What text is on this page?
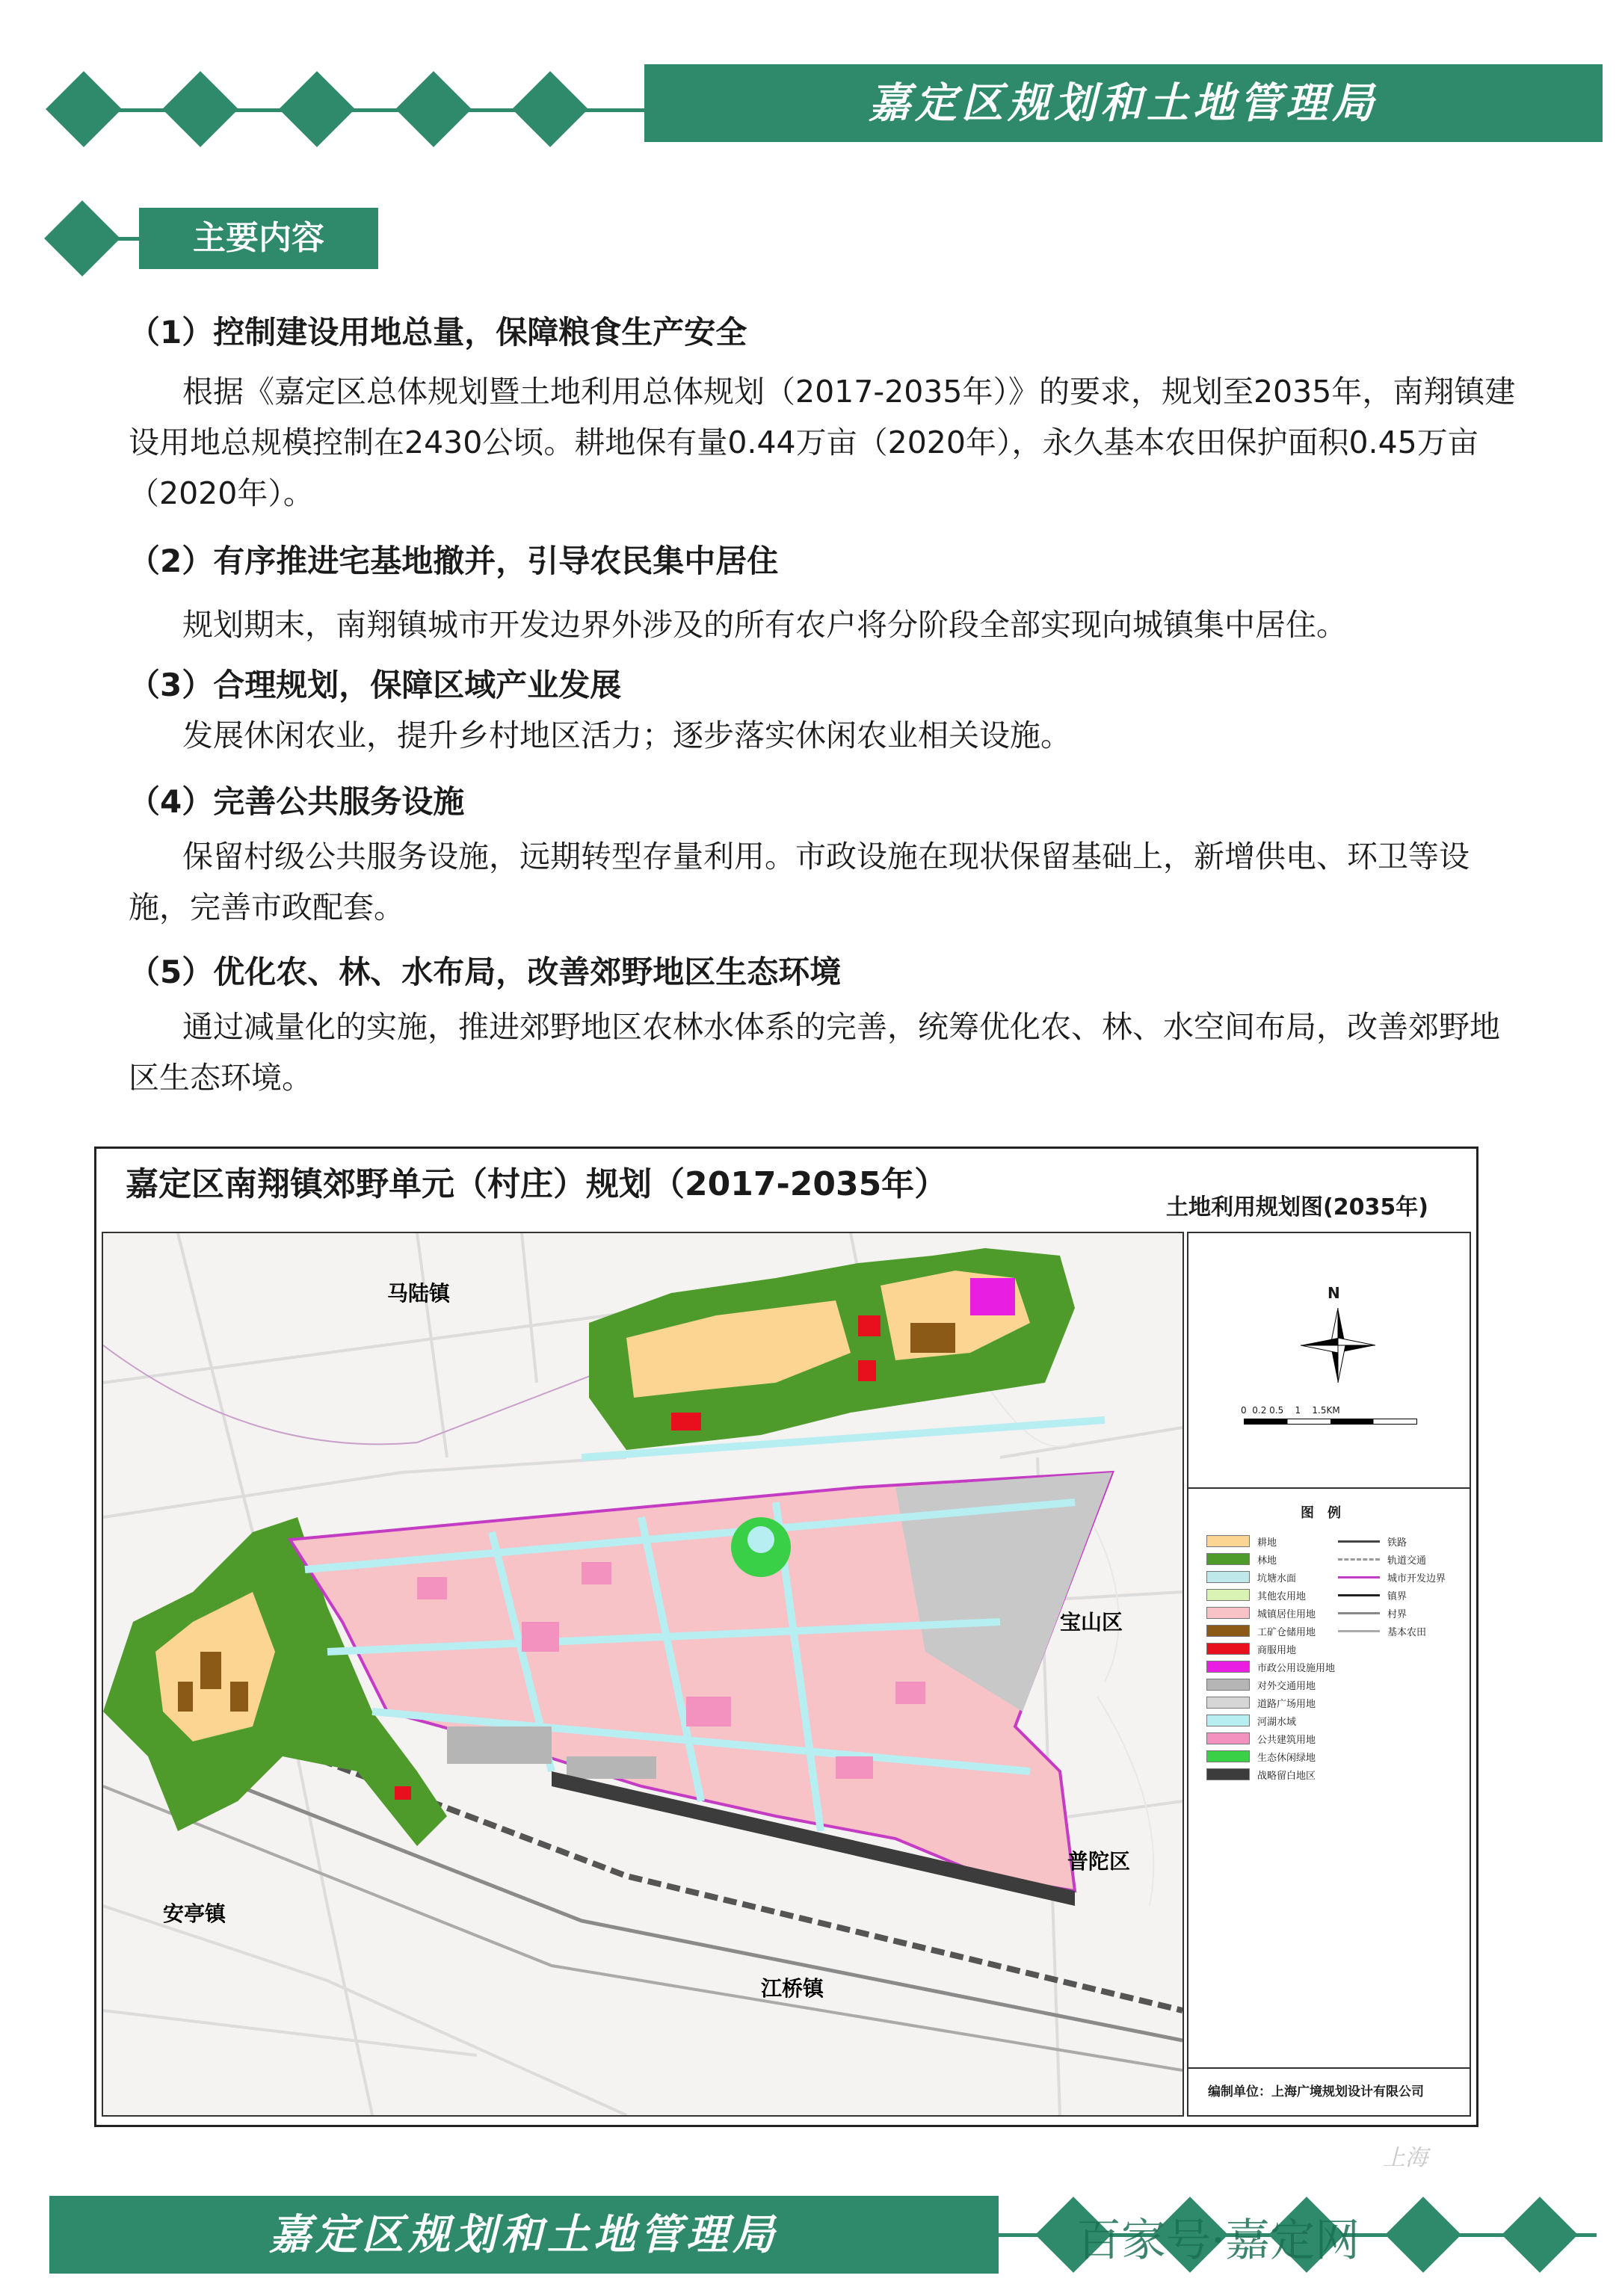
嘉定区规划和土地管理局
主要内容
（1）控制建设用地总量，保障粮食生产安全
根据《嘉定区总体规划暨土地利用总体规划（2017-2035年）》的要求，规划至2035年，南翔镇建设用地总规模控制在2430公顷。耕地保有量0.44万亩（2020年），永久基本农田保护面积0.45万亩（2020年）。
（2）有序推进宅基地撤并，引导农民集中居住
规划期末，南翔镇城市开发边界外涉及的所有农户将分阶段全部实现向城镇集中居住。
（3）合理规划，保障区域产业发展
发展休闲农业，提升乡村地区活力；逐步落实休闲农业相关设施。
（4）完善公共服务设施
保留村级公共服务设施，远期转型存量利用。市政设施在现状保留基础上，新增供电、环卫等设施，完善市政配套。
（5）优化农、林、水布局，改善郊野地区生态环境
通过减量化的实施，推进郊野地区农林水体系的完善，统筹优化农、林、水空间布局，改善郊野地区生态环境。
嘉定区南翔镇郊野单元（村庄）规划（2017-2035年）
土地利用规划图(2035年)
马陆镇
宝山区
安亭镇
普陀区
江桥镇
N
0  0.2 0.5    1    1.5KM
图　例
耕地
林地
坑塘水面
其他农用地
城镇居住用地
工矿仓储用地
商服用地
市政公用设施用地
对外交通用地
道路广场用地
河湖水域
公共建筑用地
生态休闲绿地
战略留白地区
铁路
轨道交通
城市开发边界
镇界
村界
基本农田
编制单位：上海广境规划设计有限公司
嘉定区规划和土地管理局
上海
百家号·嘉定网
